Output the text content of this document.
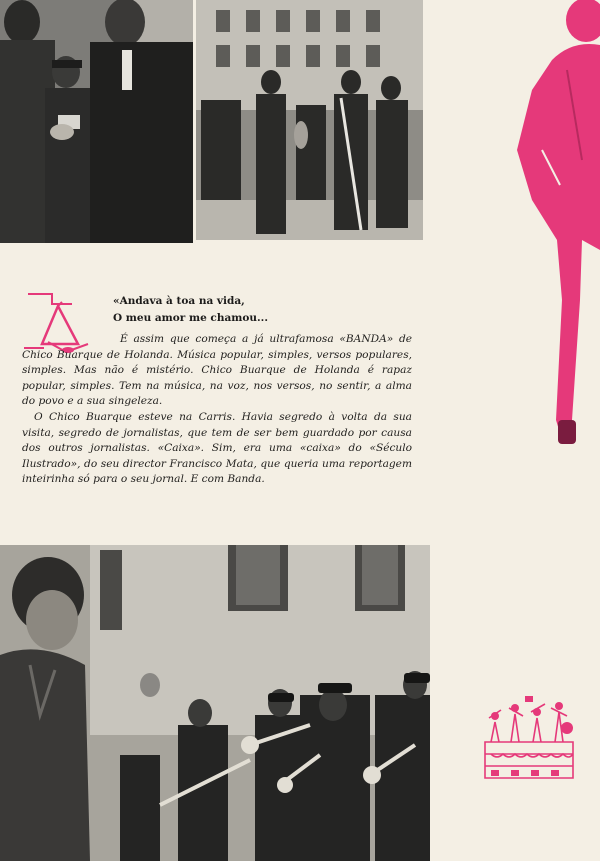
«Andava à toa na vida,
O meu amor me chamou...

É assim que começa a já ultrafamosa «BANDA» de Chico Buarque de Holanda. Música popular, simples, versos populares, simples. Mas não é mistério. Chico Buarque de Holanda é rapaz popular, simples. Tem na música, na voz, nos versos, no sentir, a alma do povo e a sua singeleza.

O Chico Buarque esteve na Carris. Havia segredo à volta da sua visita, segredo de jornalistas, que tem de ser bem guardado por causa dos outros jornalistas. «Caixa». Sim, era uma «caixa» do «Século Ilustrado», do seu director Francisco Mata, que queria uma reportagem inteirinha só para o seu jornal. E com Banda.
